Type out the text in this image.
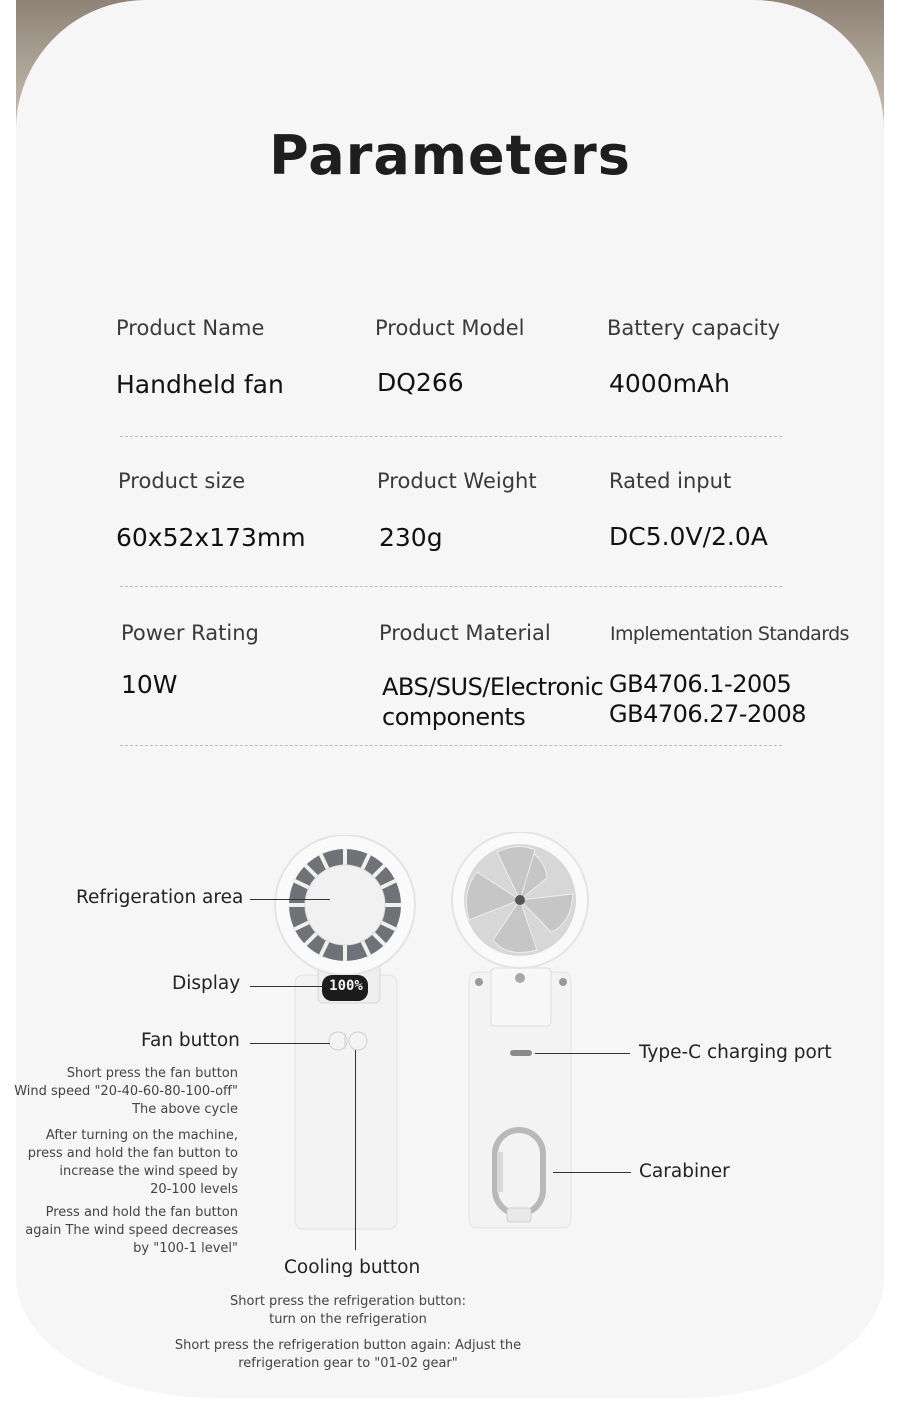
Parameters
Product Name
Handheld fan
Product Model
DQ266
Battery capacity
4000mAh
Product size
60x52x173mm
Product Weight
230g
Rated input
DC5.0V/2.0A
Power Rating
10W
Product Material
ABS/SUS/Electronic components
Implementation Standards
GB4706.1-2005
GB4706.27-2008
100%
Refrigeration area
Display
Fan button
Short press the fan button
Wind speed "20-40-60-80-100-off"
The above cycle
After turning on the machine,
press and hold the fan button to
increase the wind speed by
20-100 levels
Press and hold the fan button
again The wind speed decreases
by "100-1 level"
Cooling button
Short press the refrigeration button:
turn on the refrigeration
Short press the refrigeration button again: Adjust the
refrigeration gear to "01-02 gear"
Type-C charging port
Carabiner
